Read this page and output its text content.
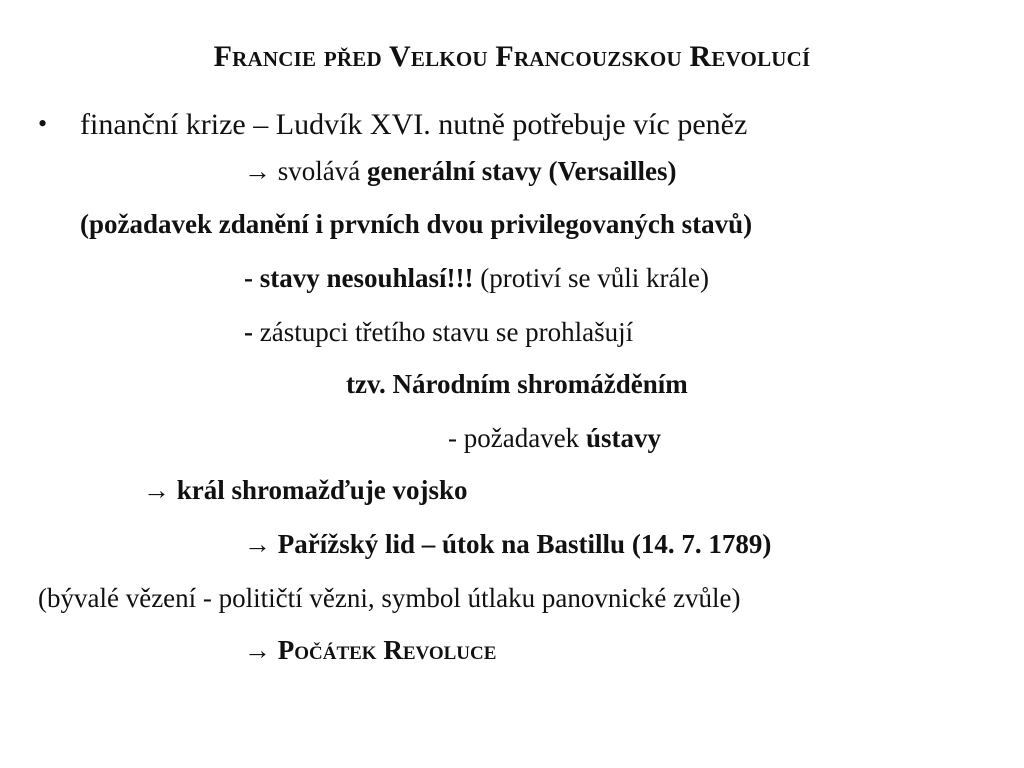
Francie před Velkou Francouzskou Revolucí
• finanční krize – Ludvík XVI. nutně potřebuje víc peněz
→ svolává generální stavy (Versailles)
(požadavek zdanění i prvních dvou privilegovaných stavů)
- stavy nesouhlasí!!! (protiví se vůli krále)
- zástupci třetího stavu se prohlašují
tzv. Národním shromážděním
- požadavek ústavy
→ král shromažďuje vojsko
→ Pařížský lid – útok na Bastillu (14. 7. 1789)
(bývalé vězení - političtí vězni, symbol útlaku panovnické zvůle)
→ Počátek Revoluce
